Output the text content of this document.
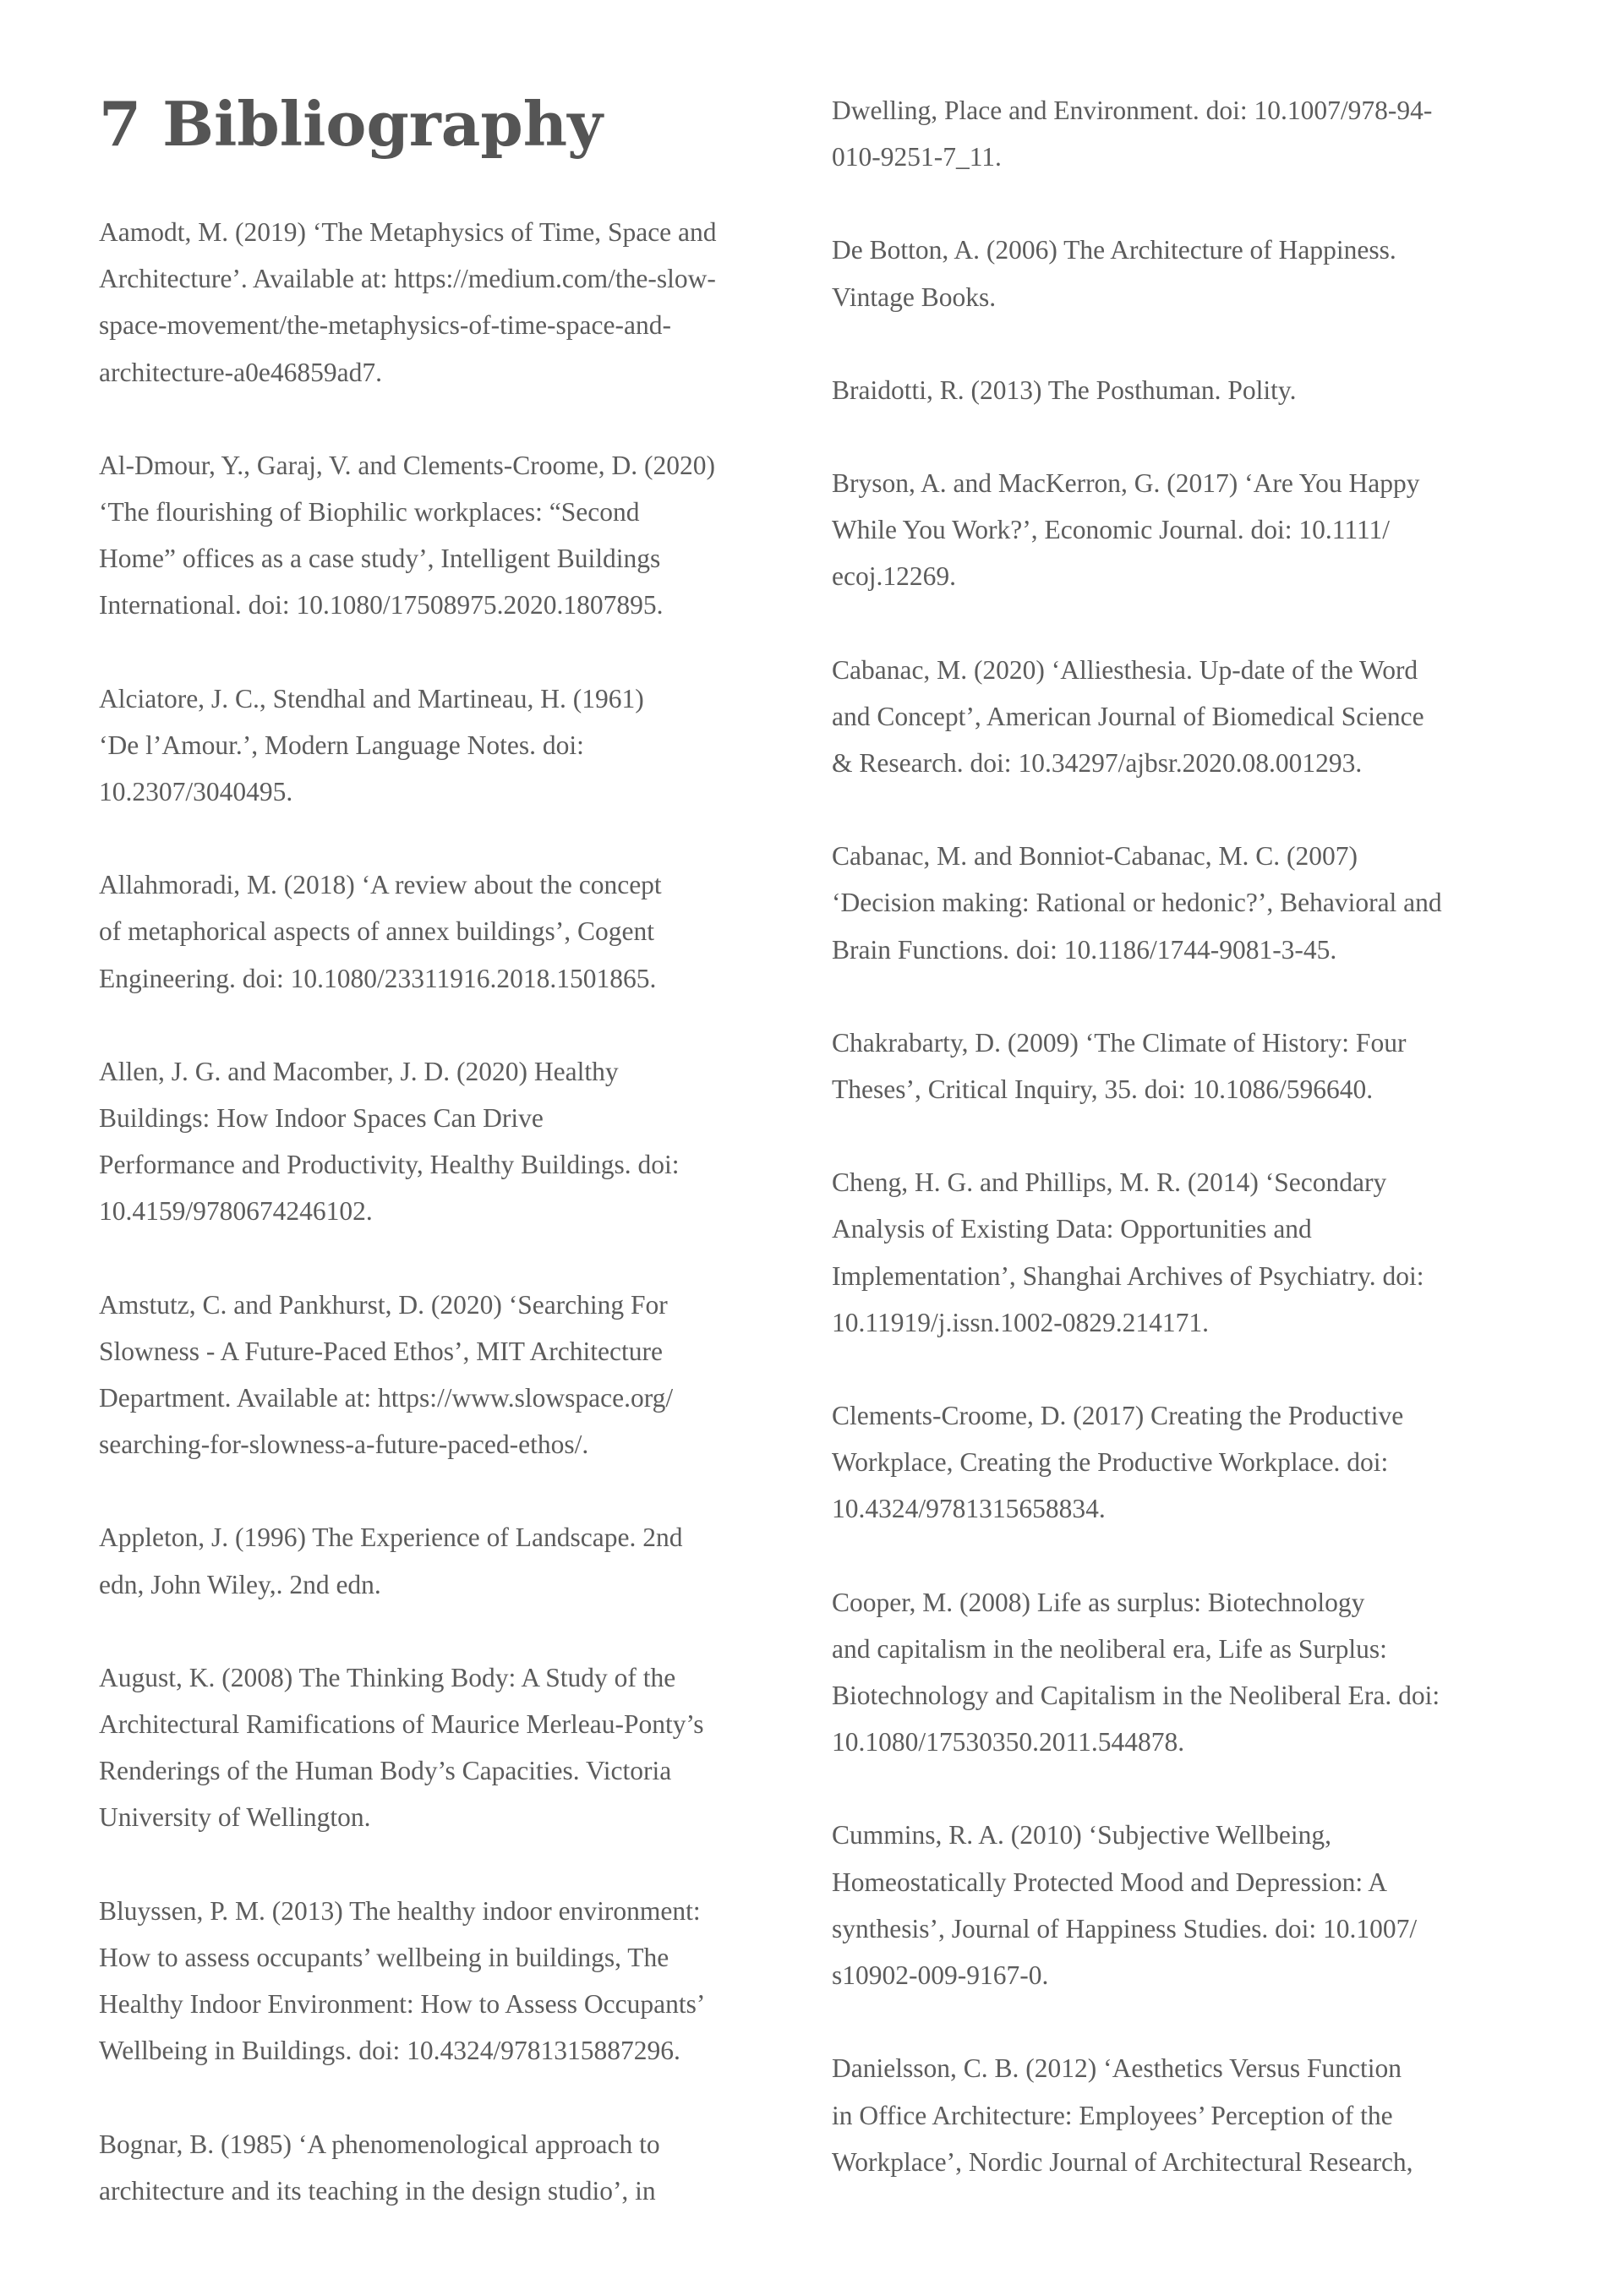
7 Bibliography

Aamodt, M. (2019) ‘The Metaphysics of Time, Space and
Architecture’. Available at: https://medium.com/the-slow-
space-movement/the-metaphysics-of-time-space-and-
architecture-a0e46859ad7.

Al-Dmour, Y., Garaj, V. and Clements-Croome, D. (2020)
‘The flourishing of Biophilic workplaces: “Second
Home” offices as a case study’, Intelligent Buildings
International. doi: 10.1080/17508975.2020.1807895.

Alciatore, J. C., Stendhal and Martineau, H. (1961)
‘De l’Amour.’, Modern Language Notes. doi:
10.2307/3040495.

Allahmoradi, M. (2018) ‘A review about the concept
of metaphorical aspects of annex buildings’, Cogent
Engineering. doi: 10.1080/23311916.2018.1501865.

Allen, J. G. and Macomber, J. D. (2020) Healthy
Buildings: How Indoor Spaces Can Drive
Performance and Productivity, Healthy Buildings. doi:
10.4159/9780674246102.

Amstutz, C. and Pankhurst, D. (2020) ‘Searching For
Slowness - A Future-Paced Ethos’, MIT Architecture
Department. Available at: https://www.slowspace.org/
searching-for-slowness-a-future-paced-ethos/.

Appleton, J. (1996) The Experience of Landscape. 2nd
edn, John Wiley,. 2nd edn.

August, K. (2008) The Thinking Body: A Study of the
Architectural Ramifications of Maurice Merleau-Ponty’s
Renderings of the Human Body’s Capacities. Victoria
University of Wellington.

Bluyssen, P. M. (2013) The healthy indoor environment:
How to assess occupants’ wellbeing in buildings, The
Healthy Indoor Environment: How to Assess Occupants’
Wellbeing in Buildings. doi: 10.4324/9781315887296.

Bognar, B. (1985) ‘A phenomenological approach to
architecture and its teaching in the design studio’, in

Dwelling, Place and Environment. doi: 10.1007/978-94-
010-9251-7_11.

De Botton, A. (2006) The Architecture of Happiness.
Vintage Books.

Braidotti, R. (2013) The Posthuman. Polity.

Bryson, A. and MacKerron, G. (2017) ‘Are You Happy
While You Work?’, Economic Journal. doi: 10.1111/
ecoj.12269.

Cabanac, M. (2020) ‘Alliesthesia. Up-date of the Word
and Concept’, American Journal of Biomedical Science
& Research. doi: 10.34297/ajbsr.2020.08.001293.

Cabanac, M. and Bonniot-Cabanac, M. C. (2007)
‘Decision making: Rational or hedonic?’, Behavioral and
Brain Functions. doi: 10.1186/1744-9081-3-45.

Chakrabarty, D. (2009) ‘The Climate of History: Four
Theses’, Critical Inquiry, 35. doi: 10.1086/596640.

Cheng, H. G. and Phillips, M. R. (2014) ‘Secondary
Analysis of Existing Data: Opportunities and
Implementation’, Shanghai Archives of Psychiatry. doi:
10.11919/j.issn.1002-0829.214171.

Clements-Croome, D. (2017) Creating the Productive
Workplace, Creating the Productive Workplace. doi:
10.4324/9781315658834.

Cooper, M. (2008) Life as surplus: Biotechnology
and capitalism in the neoliberal era, Life as Surplus:
Biotechnology and Capitalism in the Neoliberal Era. doi:
10.1080/17530350.2011.544878.

Cummins, R. A. (2010) ‘Subjective Wellbeing,
Homeostatically Protected Mood and Depression: A
synthesis’, Journal of Happiness Studies. doi: 10.1007/
s10902-009-9167-0.

Danielsson, C. B. (2012) ‘Aesthetics Versus Function
in Office Architecture: Employees’ Perception of the
Workplace’, Nordic Journal of Architectural Research,
